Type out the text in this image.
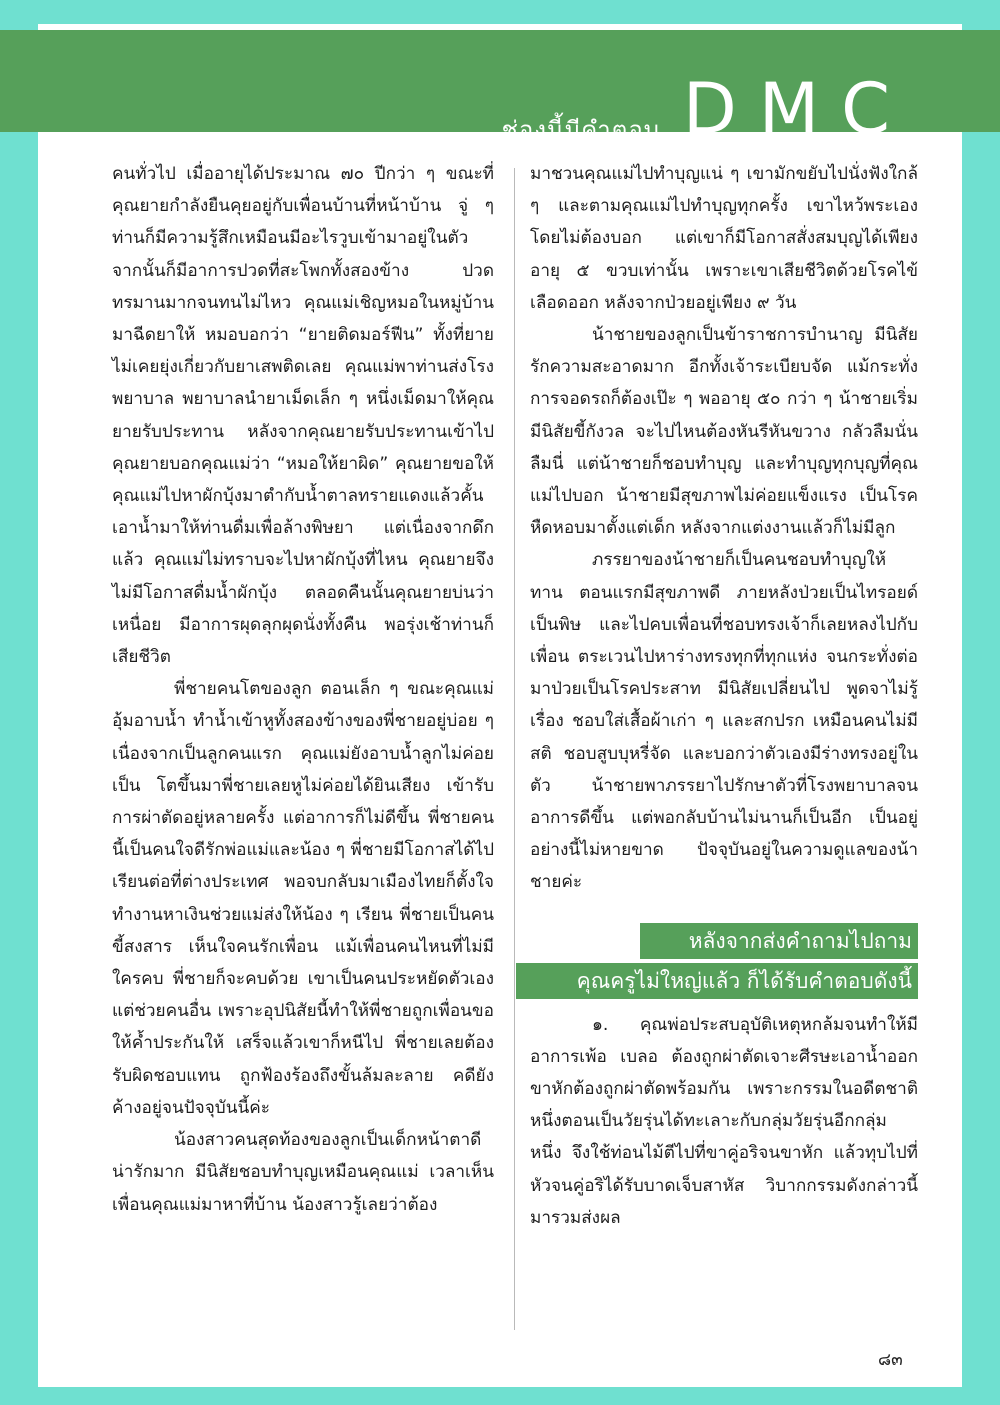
ช่องนี้มีคำตอบ DMC

คนทั่วไป เมื่ออายุได้ประมาณ ๗๐ ปีกว่า ๆ ขณะที่คุณยายกำลังยืนคุยอยู่กับเพื่อนบ้านที่หน้าบ้าน จู่ ๆ ท่านก็มีความรู้สึกเหมือนมีอะไรวูบเข้ามาอยู่ในตัว จากนั้นก็มีอาการปวดที่สะโพกทั้งสองข้าง ปวดทรมานมากจนทนไม่ไหว คุณแม่เชิญหมอในหมู่บ้านมาฉีดยาให้ หมอบอกว่า “ยายติดมอร์ฟีน” ทั้งที่ยายไม่เคยยุ่งเกี่ยวกับยาเสพติดเลย คุณแม่พาท่านส่งโรงพยาบาล พยาบาลนำยาเม็ดเล็ก ๆ หนึ่งเม็ดมาให้คุณยายรับประทาน หลังจากคุณยายรับประทานเข้าไป คุณยายบอกคุณแม่ว่า “หมอให้ยาผิด” คุณยายขอให้คุณแม่ไปหาผักบุ้งมาตำกับน้ำตาลทรายแดงแล้วคั้นเอาน้ำมาให้ท่านดื่มเพื่อล้างพิษยา แต่เนื่องจากดึกแล้ว คุณแม่ไม่ทราบจะไปหาผักบุ้งที่ไหน คุณยายจึงไม่มีโอกาสดื่มน้ำผักบุ้ง ตลอดคืนนั้นคุณยายบ่นว่าเหนื่อย มีอาการผุดลุกผุดนั่งทั้งคืน พอรุ่งเช้าท่านก็เสียชีวิต

พี่ชายคนโตของลูก ตอนเล็ก ๆ ขณะคุณแม่อุ้มอาบน้ำ ทำน้ำเข้าหูทั้งสองข้างของพี่ชายอยู่บ่อย ๆ เนื่องจากเป็นลูกคนแรก คุณแม่ยังอาบน้ำลูกไม่ค่อยเป็น โตขึ้นมาพี่ชายเลยหูไม่ค่อยได้ยินเสียง เข้ารับการผ่าตัดอยู่หลายครั้ง แต่อาการก็ไม่ดีขึ้น พี่ชายคนนี้เป็นคนใจดีรักพ่อแม่และน้อง ๆ พี่ชายมีโอกาสได้ไปเรียนต่อที่ต่างประเทศ พอจบกลับมาเมืองไทยก็ตั้งใจทำงานหาเงินช่วยแม่ส่งให้น้อง ๆ เรียน พี่ชายเป็นคนขี้สงสาร เห็นใจคนรักเพื่อน แม้เพื่อนคนไหนที่ไม่มีใครคบ พี่ชายก็จะคบด้วย เขาเป็นคนประหยัดตัวเองแต่ช่วยคนอื่น เพราะอุปนิสัยนี้ทำให้พี่ชายถูกเพื่อนขอให้ค้ำประกันให้ เสร็จแล้วเขาก็หนีไป พี่ชายเลยต้องรับผิดชอบแทน ถูกฟ้องร้องถึงขั้นล้มละลาย คดียังค้างอยู่จนปัจจุบันนี้ค่ะ

น้องสาวคนสุดท้องของลูกเป็นเด็กหน้าตาดี น่ารักมาก มีนิสัยชอบทำบุญเหมือนคุณแม่ เวลาเห็นเพื่อนคุณแม่มาหาที่บ้าน น้องสาวรู้เลยว่าต้อง

มาชวนคุณแม่ไปทำบุญแน่ ๆ เขามักขยับไปนั่งฟังใกล้ ๆ และตามคุณแม่ไปทำบุญทุกครั้ง เขาไหว้พระเองโดยไม่ต้องบอก แต่เขาก็มีโอกาสสั่งสมบุญได้เพียงอายุ ๕ ขวบเท่านั้น เพราะเขาเสียชีวิตด้วยโรคไข้เลือดออก หลังจากป่วยอยู่เพียง ๙ วัน

น้าชายของลูกเป็นข้าราชการบำนาญ มีนิสัยรักความสะอาดมาก อีกทั้งเจ้าระเบียบจัด แม้กระทั่งการจอดรถก็ต้องเป๊ะ ๆ พออายุ ๕๐ กว่า ๆ น้าชายเริ่มมีนิสัยขี้กังวล จะไปไหนต้องหันรีหันขวาง กลัวลืมนั่นลืมนี่ แต่น้าชายก็ชอบทำบุญ และทำบุญทุกบุญที่คุณแม่ไปบอก น้าชายมีสุขภาพไม่ค่อยแข็งแรง เป็นโรคหืดหอบมาตั้งแต่เด็ก หลังจากแต่งงานแล้วก็ไม่มีลูก

ภรรยาของน้าชายก็เป็นคนชอบทำบุญให้ทาน ตอนแรกมีสุขภาพดี ภายหลังป่วยเป็นไทรอยด์เป็นพิษ และไปคบเพื่อนที่ชอบทรงเจ้าก็เลยหลงไปกับเพื่อน ตระเวนไปหาร่างทรงทุกที่ทุกแห่ง จนกระทั่งต่อมาป่วยเป็นโรคประสาท มีนิสัยเปลี่ยนไป พูดจาไม่รู้เรื่อง ชอบใส่เสื้อผ้าเก่า ๆ และสกปรก เหมือนคนไม่มีสติ ชอบสูบบุหรี่จัด และบอกว่าตัวเองมีร่างทรงอยู่ในตัว น้าชายพาภรรยาไปรักษาตัวที่โรงพยาบาลจนอาการดีขึ้น แต่พอกลับบ้านไม่นานก็เป็นอีก เป็นอยู่อย่างนี้ไม่หายขาด ปัจจุบันอยู่ในความดูแลของน้าชายค่ะ

หลังจากส่งคำถามไปถาม
คุณครูไม่ใหญ่แล้ว ก็ได้รับคำตอบดังนี้

๑. คุณพ่อประสบอุบัติเหตุหกล้มจนทำให้มีอาการเพ้อ เบลอ ต้องถูกผ่าตัดเจาะศีรษะเอาน้ำออก ขาหักต้องถูกผ่าตัดพร้อมกัน เพราะกรรมในอดีตชาติหนึ่งตอนเป็นวัยรุ่นได้ทะเลาะกับกลุ่มวัยรุ่นอีกกลุ่มหนึ่ง จึงใช้ท่อนไม้ตีไปที่ขาคู่อริจนขาหัก แล้วทุบไปที่หัวจนคู่อริได้รับบาดเจ็บสาหัส วิบากกรรมดังกล่าวนี้มารวมส่งผล

๘๓
